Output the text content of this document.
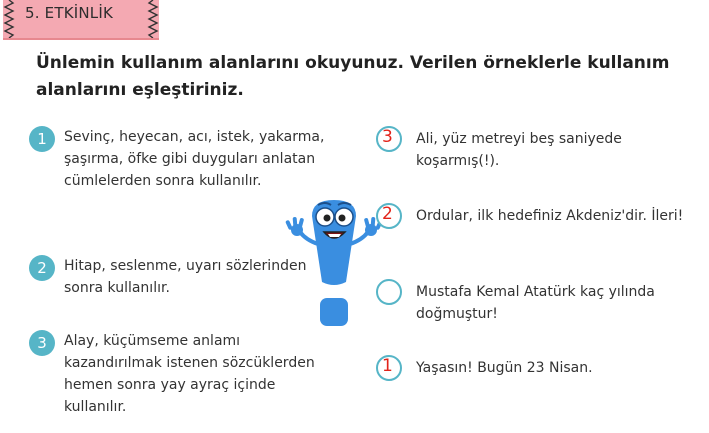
5. ETKİNLİK
Ünlemin kullanım alanlarını okuyunuz. Verilen örneklerle kullanım alanlarını eşleştiriniz.
1	Sevinç, heyecan, acı, istek, yakarma, şaşırma, öfke gibi duyguları anlatan cümlelerden sonra kullanılır.
2	Hitap, seslenme, uyarı sözlerinden sonra kullanılır.
3	Alay, küçümseme anlamı kazandırılmak istenen sözcüklerden hemen sonra yay ayraç içinde kullanılır.
3 Ali, yüz metreyi beş saniyede koşarmış(!).
2 Ordular, ilk hedefiniz Akdeniz'dir. İleri!
Mustafa Kemal Atatürk kaç yılında doğmuştur!
1 Yaşasın! Bugün 23 Nisan.
